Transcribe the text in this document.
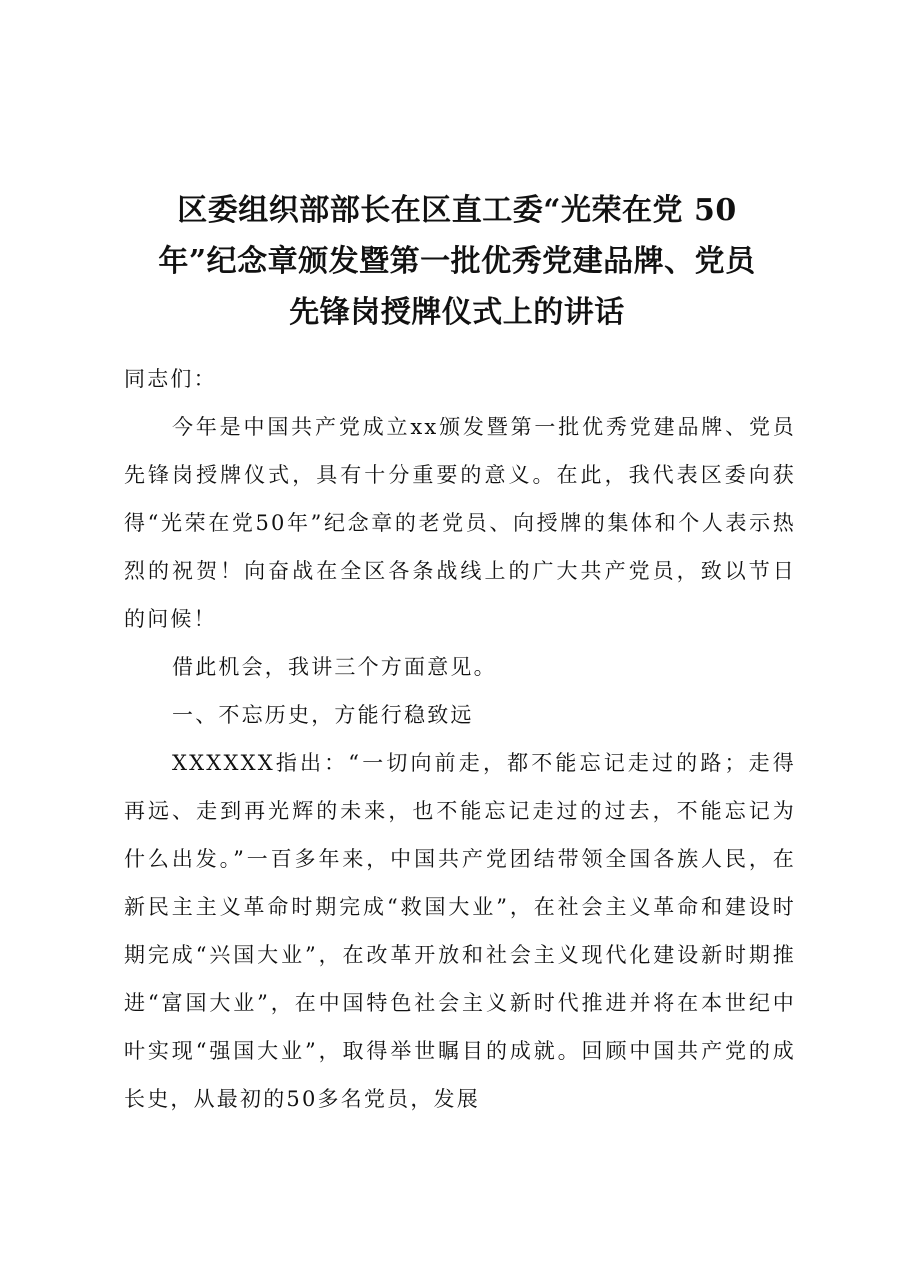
区委组织部部长在区直工委“光荣在党 50
年”纪念章颁发暨第一批优秀党建品牌、党员
先锋岗授牌仪式上的讲话

同志们：

今年是中国共产党成立xx颁发暨第一批优秀党建品牌、党员先锋岗授牌仪式，具有十分重要的意义。在此，我代表区委向获得“光荣在党50年”纪念章的老党员、向授牌的集体和个人表示热烈的祝贺！向奋战在全区各条战线上的广大共产党员，致以节日的问候！

借此机会，我讲三个方面意见。

一、不忘历史，方能行稳致远

XXXXXX指出：“一切向前走，都不能忘记走过的路；走得再远、走到再光辉的未来，也不能忘记走过的过去，不能忘记为什么出发。”一百多年来，中国共产党团结带领全国各族人民，在新民主主义革命时期完成“救国大业”，在社会主义革命和建设时期完成“兴国大业”，在改革开放和社会主义现代化建设新时期推进“富国大业”，在中国特色社会主义新时代推进并将在本世纪中叶实现“强国大业”，取得举世瞩目的成就。回顾中国共产党的成长史，从最初的50多名党员，发展
